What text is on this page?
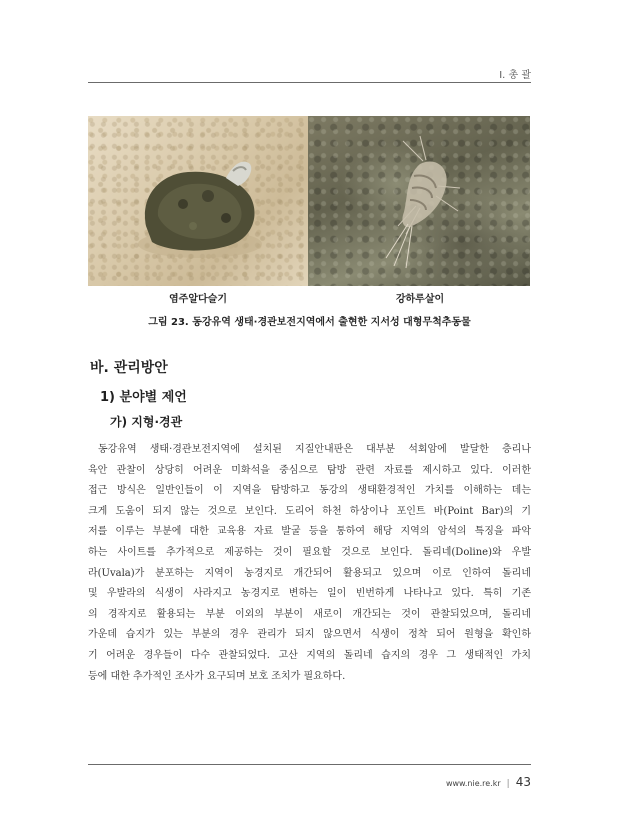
I. 총 괄
염주알다슬기	강하루살이
그림 23. 동강유역 생태·경관보전지역에서 출현한 지서성 대형무척추동물
바. 관리방안
1) 분야별 제언
가) 지형·경관
동강유역 생태·경관보전지역에 설치된 지질안내판은 대부분 석회암에 발달한 층리나
육안 관찰이 상당히 어려운 미화석을 중심으로 탐방 관련 자료를 제시하고 있다. 이러한
접근 방식은 일반인들이 이 지역을 탐방하고 동강의 생태환경적인 가치를 이해하는 데는
크게 도움이 되지 않는 것으로 보인다. 도리어 하천 하상이나 포인트 바(Point Bar)의 기
저를 이루는 부분에 대한 교육용 자료 발굴 등을 통하여 해당 지역의 암석의 특징을 파악
하는 사이트를 추가적으로 제공하는 것이 필요할 것으로 보인다. 돌리네(Doline)와 우발
라(Uvala)가 분포하는 지역이 농경지로 개간되어 활용되고 있으며 이로 인하여 돌리네
및 우발라의 식생이 사라지고 농경지로 변하는 일이 빈번하게 나타나고 있다. 특히 기존
의 경작지로 활용되는 부분 이외의 부분이 새로이 개간되는 것이 관찰되었으며, 돌리네
가운데 습지가 있는 부분의 경우 관리가 되지 않으면서 식생이 정착 되어 원형을 확인하
기 어려운 경우들이 다수 관찰되었다. 고산 지역의 돌리네 습지의 경우 그 생태적인 가치
등에 대한 추가적인 조사가 요구되며 보호 조치가 필요하다.
www.nie.re.kr | 43
